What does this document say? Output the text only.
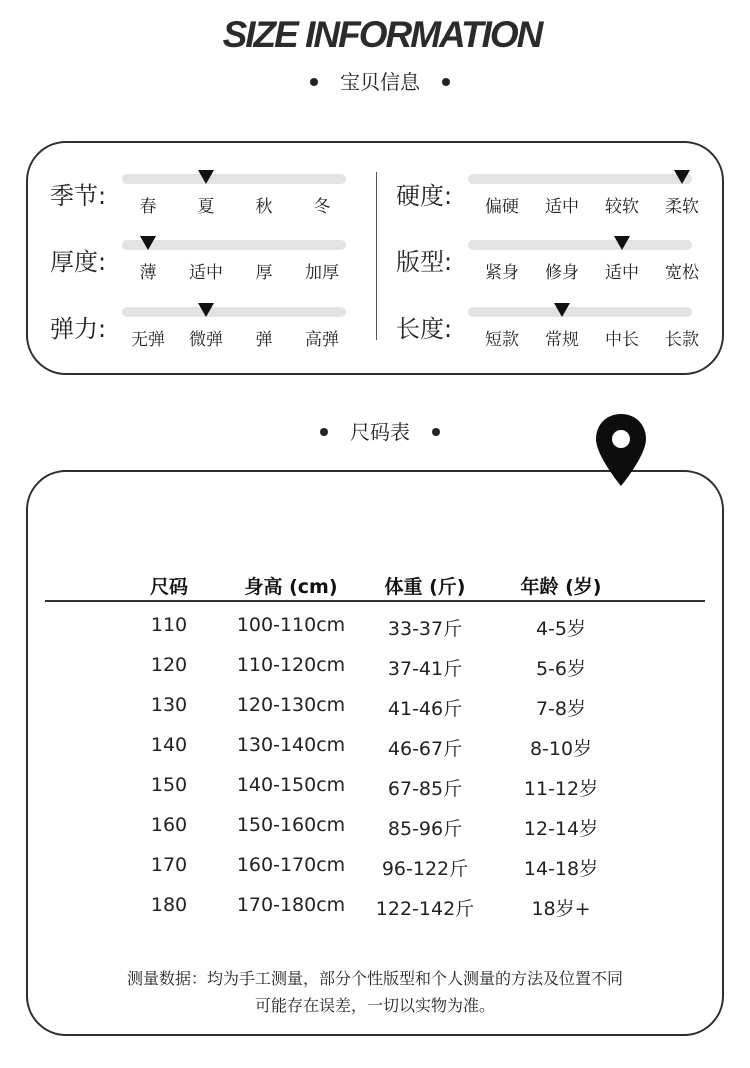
SIZE INFORMATION
宝贝信息
季节:	春	夏	秋	冬
厚度:	薄	适中	厚	加厚
弹力:	无弹	微弹	弹	高弹
硬度:	偏硬	适中	较软	柔软
版型:	紧身	修身	适中	宽松
长度:	短款	常规	中长	长款
尺码表
尺码	身高 (cm)	体重 (斤)	年龄 (岁)
110	100-110cm	33-37斤	4-5岁
120	110-120cm	37-41斤	5-6岁
130	120-130cm	41-46斤	7-8岁
140	130-140cm	46-67斤	8-10岁
150	140-150cm	67-85斤	11-12岁
160	150-160cm	85-96斤	12-14岁
170	160-170cm	96-122斤	14-18岁
180	170-180cm	122-142斤	18岁+
测量数据：均为手工测量，部分个性版型和个人测量的方法及位置不同
可能存在误差，一切以实物为准。
